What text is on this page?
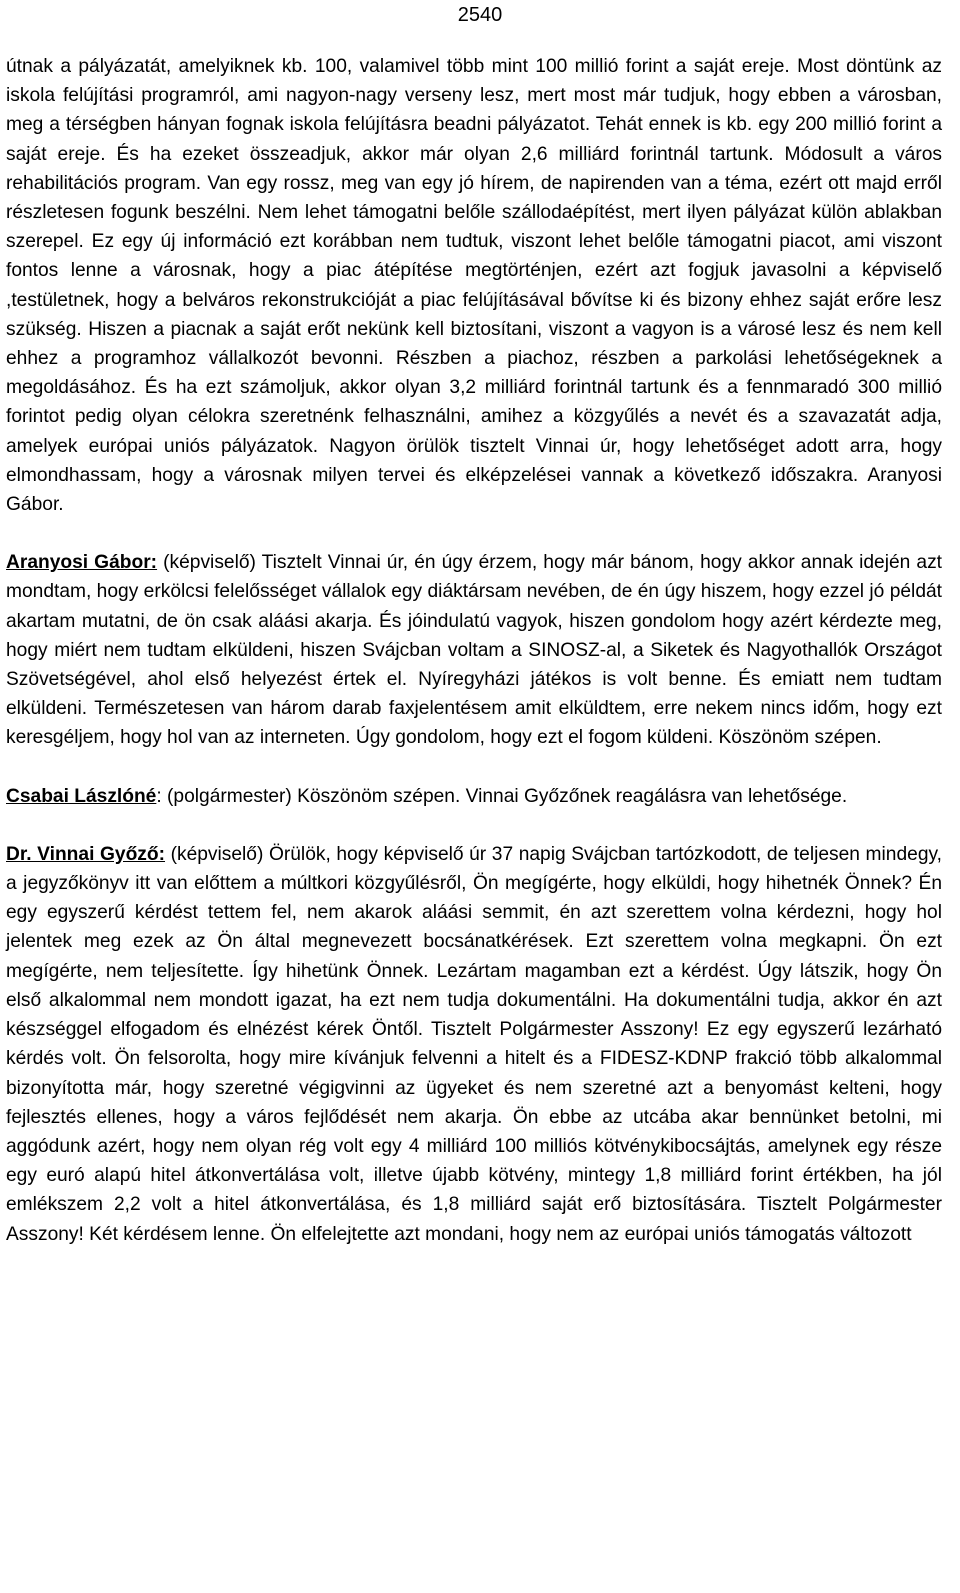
2540

útnak a pályázatát, amelyiknek kb. 100, valamivel több mint 100 millió forint a saját ereje. Most döntünk az iskola felújítási programról, ami nagyon-nagy verseny lesz, mert most már tudjuk, hogy ebben a városban, meg a térségben hányan fognak iskola felújításra beadni pályázatot. Tehát ennek is kb. egy 200 millió forint a saját ereje. És ha ezeket összeadjuk, akkor már olyan 2,6 milliárd forintnál tartunk. Módosult a város rehabilitációs program. Van egy rossz, meg van egy jó hírem, de napirenden van a téma, ezért ott majd erről részletesen fogunk beszélni. Nem lehet támogatni belőle szállodaépítést, mert ilyen pályázat külön ablakban szerepel. Ez egy új információ ezt korábban nem tudtuk, viszont lehet belőle támogatni piacot, ami viszont fontos lenne a városnak, hogy a piac átépítése megtörténjen, ezért azt fogjuk javasolni a képviselő ,testületnek, hogy a belváros rekonstrukcióját a piac felújításával bővítse ki és bizony ehhez saját erőre lesz szükség. Hiszen a piacnak a saját erőt nekünk kell biztosítani, viszont a vagyon is a városé lesz és nem kell ehhez a programhoz vállalkozót bevonni. Részben a piachoz, részben a parkolási lehetőségeknek a megoldásához. És ha ezt számoljuk, akkor olyan 3,2 milliárd forintnál tartunk és a fennmaradó 300 millió forintot pedig olyan célokra szeretnénk felhasználni, amihez a közgyűlés a nevét és a szavazatát adja, amelyek európai uniós pályázatok. Nagyon örülök tisztelt Vinnai úr, hogy lehetőséget adott arra, hogy elmondhassam, hogy a városnak milyen tervei és elképzelései vannak a következő időszakra. Aranyosi Gábor.

Aranyosi Gábor: (képviselő) Tisztelt Vinnai úr, én úgy érzem, hogy már bánom, hogy akkor annak idején azt mondtam, hogy erkölcsi felelősséget vállalok egy diáktársam nevében, de én úgy hiszem, hogy ezzel jó példát akartam mutatni, de ön csak aláási akarja. És jóindulatú vagyok, hiszen gondolom hogy azért kérdezte meg, hogy miért nem tudtam elküldeni, hiszen Svájcban voltam a SINOSZ-al, a Siketek és Nagyothallók Országot Szövetségével, ahol első helyezést értek el. Nyíregyházi játékos is volt benne. És emiatt nem tudtam elküldeni. Természetesen van három darab faxjelentésem amit elküldtem, erre nekem nincs időm, hogy ezt keresgéljem, hogy hol van az interneten. Úgy gondolom, hogy ezt el fogom küldeni. Köszönöm szépen.

Csabai Lászlóné: (polgármester) Köszönöm szépen. Vinnai Győzőnek reagálásra van lehetősége.

Dr. Vinnai Győző: (képviselő) Örülök, hogy képviselő úr 37 napig Svájcban tartózkodott, de teljesen mindegy, a jegyzőkönyv itt van előttem a múltkori közgyűlésről, Ön megígérte, hogy elküldi, hogy hihetnék Önnek? Én egy egyszerű kérdést tettem fel, nem akarok aláási semmit, én azt szerettem volna kérdezni, hogy hol jelentek meg ezek az Ön által megnevezett bocsánatkérések. Ezt szerettem volna megkapni. Ön ezt megígérte, nem teljesítette. Így hihetünk Önnek. Lezártam magamban ezt a kérdést. Úgy látszik, hogy Ön első alkalommal nem mondott igazat, ha ezt nem tudja dokumentálni. Ha dokumentálni tudja, akkor én azt készséggel elfogadom és elnézést kérek Öntől. Tisztelt Polgármester Asszony! Ez egy egyszerű lezárható kérdés volt. Ön felsorolta, hogy mire kívánjuk felvenni a hitelt és a FIDESZ-KDNP frakció több alkalommal bizonyította már, hogy szeretné végigvinni az ügyeket és nem szeretné azt a benyomást kelteni, hogy fejlesztés ellenes, hogy a város fejlődését nem akarja. Ön ebbe az utcába akar bennünket betolni, mi aggódunk azért, hogy nem olyan rég volt egy 4 milliárd 100 milliós kötvénykibocsájtás, amelynek egy része egy euró alapú hitel átkonvertálása volt, illetve újabb kötvény, mintegy 1,8 milliárd forint értékben, ha jól emlékszem 2,2 volt a hitel átkonvertálása, és 1,8 milliárd saját erő biztosítására. Tisztelt Polgármester Asszony! Két kérdésem lenne. Ön elfelejtette azt mondani, hogy nem az európai uniós támogatás változott
